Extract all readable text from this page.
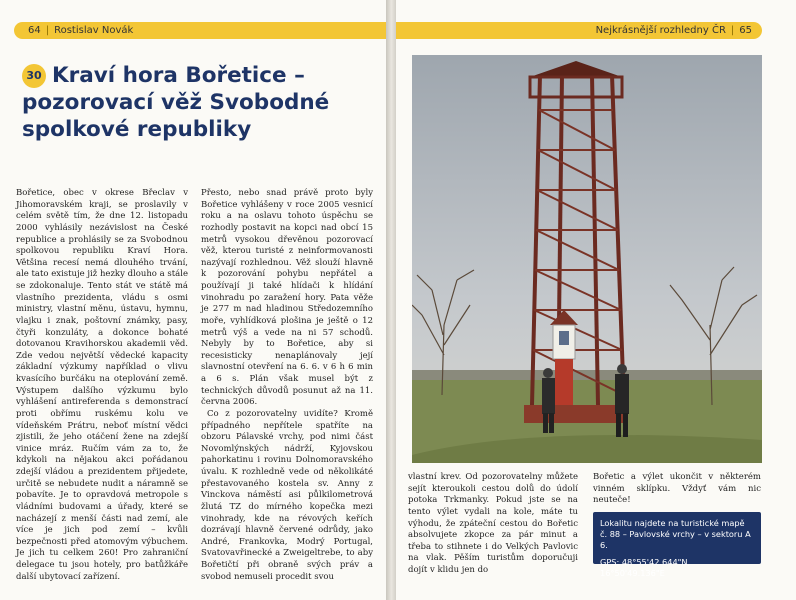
64 | Rostislav Novák
30 Kraví hora Bořetice – pozorovací věž Svobodné spolkové republiky

Bořetice, obec v okrese Břeclav v Jihomoravském kraji, se proslavily v celém světě tím, že dne 12. listopadu 2000 vyhlásily nezávislost na České republice a prohlásily se za Svobodnou spolkovou republiku Kraví Hora. Většina recesí nemá dlouhého trvání, ale tato existuje již hezky dlouho a stále se zdokonaluje. Tento stát ve státě má vlastního prezidenta, vládu s osmi ministry, vlastní měnu, ústavu, hymnu, vlajku i znak, poštovní známky, pasy, čtyři konzuláty, a dokonce bohaté dotovanou Kravihorskou akademii věd. Zde vedou největší vědecké kapacity základní výzkumy například o vlivu kvasícího burčáku na oteplování země. Výstupem dalšího výzkumu bylo vyhlášení antireferenda s demonstrací proti obřímu ruskému kolu ve vídeňském Prátru, neboť místní vědci zjistili, že jeho otáčení žene na zdejší vinice mráz. Ručím vám za to, že kdykoli na nějakou akci pořádanou zdejší vládou a prezidentem přijedete, určitě se nebudete nudit a náramně se pobavíte. Je to opravdová metropole s vládními budovami a úřady, které se nacházejí z menší části nad zemí, ale více je jich pod zemí – kvůli bezpečnosti před atomovým výbuchem. Je jich tu celkem 260! Pro zahraniční delegace tu jsou hotely, pro batůžkáře další ubytovací zařízení.

Přesto, nebo snad právě proto byly Bořetice vyhlášeny v roce 2005 vesnicí roku a na oslavu tohoto úspěchu se rozhodly postavit na kopci nad obcí 15 metrů vysokou dřevěnou pozorovací věž, kterou turisté z neinformovanosti nazývají rozhlednou. Věž slouží hlavně k pozorování pohybu nepřátel a používají ji také hlídači k hlídání vinohradu po zaražení hory. Pata věže je 277 m nad hladinou Středozemního moře, vyhlídková plošina je ještě o 12 metrů výš a vede na ni 57 schodů. Nebyly by to Bořetice, aby si recesisticky nenaplánovaly její slavnostní otevření na 6. 6. v 6 h 6 min a 6 s. Plán však musel být z technických důvodů posunut až na 11. června 2006.

Co z pozorovatelny uvidíte? Kromě případného nepřítele spatříte na obzoru Pálavské vrchy, pod nimi část Novomlýnských nádrží, Kyjovskou pahorkatinu i rovinu Dolnomoravského úvalu. K rozhledně vede od několikáté přestavovaného kostela sv. Anny z Vinckova náměstí asi půlkilometrová žlutá TZ do mírného kopečka mezi vinohrady, kde na révových keřích dozrávají hlavně červené odrůdy, jako André, Frankovka, Modrý Portugal, Svatovavřinecké a Zweigeltrebe, to aby Bořetičtí při obraně svých práv a svobod nemuseli procedit svou

Nejkrásnější rozhledny ČR | 65

vlastní krev. Od pozorovatelny můžete sejít kteroukoli cestou dolů do údolí potoka Trkmanky. Pokud jste se na tento výlet vydali na kole, máte tu výhodu, že zpáteční cestou do Bořetic absolvujete zkopce za pár minut a třeba to stihnete i do Velkých Pavlovic na vlak. Pěším turistům doporučuji dojít v klidu jen do

Bořetic a výlet ukončit v některém vinném sklípku. Vždyť vám nic neuteče!

Lokalitu najdete na turistické mapě č. 88 – Pavlovské vrchy – v sektoru A 6.
GPS: 48°55'42.644"N, 16°50'49.136"E
